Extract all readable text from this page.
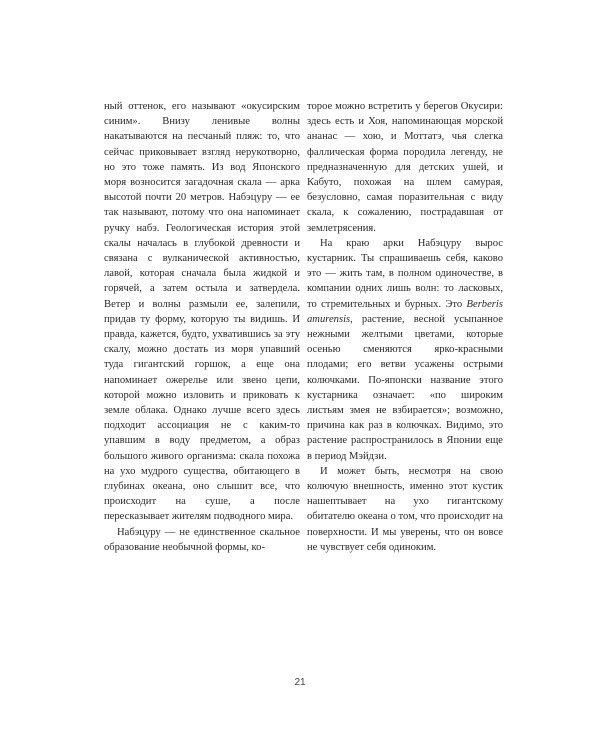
ный оттенок, его называют «окусирским синим». Внизу ленивые волны накатываются на песчаный пляж: то, что сейчас приковывает взгляд нерукотворно, но это тоже память. Из вод Японского моря возносится загадочная скала — арка высотой почти 20 метров. Набэцуру — ее так называют, потому что она напоминает ручку набэ. Геологическая история этой скалы началась в глубокой древности и связана с вулканической активностью, лавой, которая сначала была жидкой и горячей, а затем остыла и затвердела. Ветер и волны размыли ее, залепили, придав ту форму, которую ты видишь. И правда, кажется, будто, ухватившись за эту скалу, можно достать из моря упавший туда гигантский горшок, а еще она напоминает ожерелье или звено цепи, которой можно изловить и приковать к земле облака. Однако лучше всего здесь подходит ассоциация не с каким-то упавшим в воду предметом, а образ большого живого организма: скала похожа на ухо мудрого существа, обитающего в глубинах океана, оно слышит все, что происходит на суше, а после пересказывает жителям подводного мира.

Набэцуру — не единственное скальное образование необычной формы, ко-

торое можно встретить у берегов Окусири: здесь есть и Хоя, напоминающая морской ананас — хою, и Моттатэ, чья слегка фаллическая форма породила легенду, не предназначенную для детских ушей, и Кабуто, похожая на шлем самурая, безусловно, самая поразительная с виду скала, к сожалению, пострадавшая от землетрясения.

На краю арки Набэцуру вырос кустарник. Ты спрашиваешь себя, каково это — жить там, в полном одиночестве, в компании одних лишь волн: то ласковых, то стремительных и бурных. Это Berberis amurensis, растение, весной усыпанное нежными желтыми цветами, которые осенью сменяются ярко-красными плодами; его ветви усажены острыми колючками. По-японски название этого кустарника означает: «по широким листьям змея не взбирается»; возможно, причина как раз в колючках. Видимо, это растение распространилось в Японии еще в период Мэйдзи.

И может быть, несмотря на свою колючую внешность, именно этот кустик нашептывает на ухо гигантскому обитателю океана о том, что происходит на поверхности. И мы уверены, что он вовсе не чувствует себя одиноким.

21
